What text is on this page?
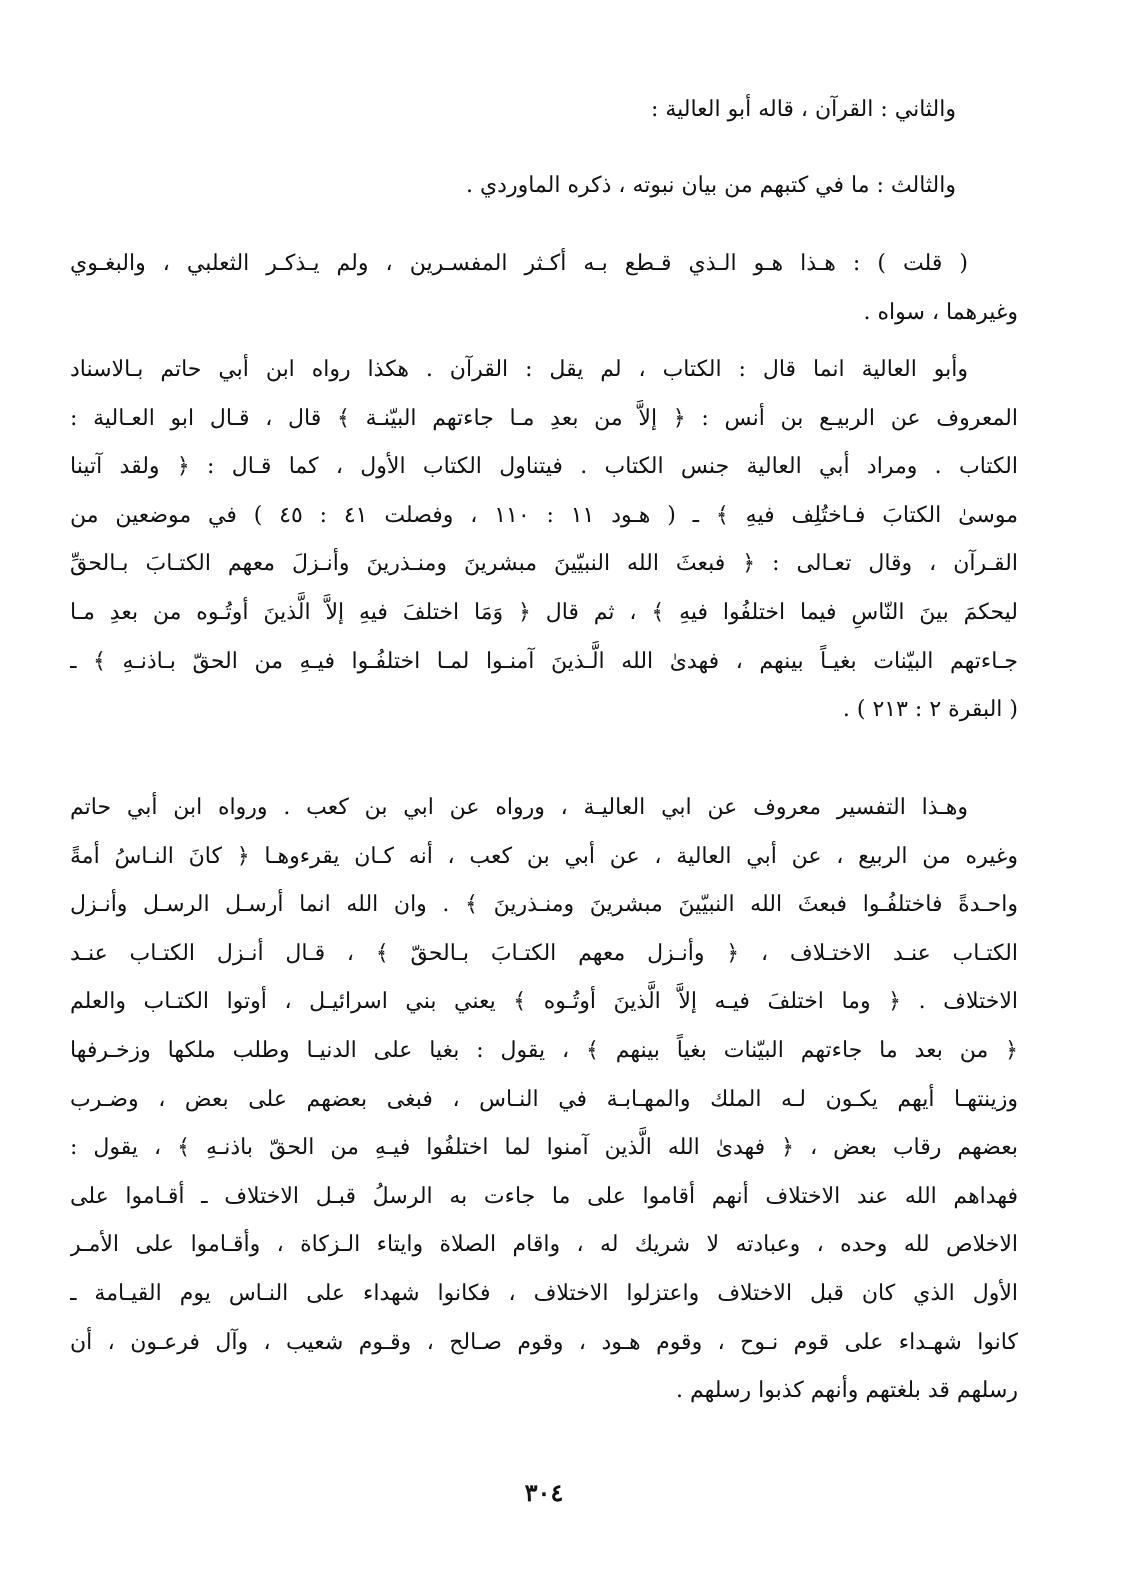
والثاني : القرآن ، قاله أبو العالية :
والثالث : ما في كتبهم من بيان نبوته ، ذكره الماوردي .
( قلت ) : هـذا هـو الـذي قـطع بـه أكـثر المفسـرين ، ولم يـذكـر الثعلبي ، والبغـوي
وغيرهما ، سواه .
وأبو العالية انما قال : الكتاب ، لم يقل : القرآن . هكذا رواه ابن أبي حاتم بـالاسناد
المعروف عن الربيـع بن أنس : ﴿ إلاَّ من بعدِ مـا جاءتهم البيّنـة ﴾ قال ، قـال ابو العـالية :
الكتاب . ومراد أبي العالية جنس الكتاب . فيتناول الكتاب الأول ، كما قـال : ﴿ ولقد آتينا
موسىٰ الكتابَ فـاختُلِف فيهِ ﴾ ـ ( هـود ١١ : ١١٠ ، وفصلت ٤١ : ٤٥ ) في موضعين من
القـرآن ، وقال تعـالى : ﴿ فبعثَ الله النبيّينَ مبشرينَ ومنـذرينَ وأنـزلَ معهم الكتـابَ بـالحقِّ
ليحكمَ بينَ النّاسِ فيما اختلفُوا فيهِ ﴾ ، ثم قال ﴿ وَمَا اختلفَ فيهِ إلاَّ الَّذينَ أوتُـوه من بعدِ مـا
جـاءتهم البيّنات بغيـاً بينهم ، فهدىٰ الله الَّـذينَ آمنـوا لمـا اختلفُـوا فيـهِ من الحقّ بـاذنـهِ ﴾ ـ
( البقرة ٢ : ٢١٣ ) .
وهـذا التفسير معروف عن ابي العاليـة ، ورواه عن ابي بن كعب . ورواه ابن أبي حاتم
وغيره من الربيع ، عن أبي العالية ، عن أبي بن كعب ، أنه كـان يقرءوهـا ﴿ كانَ النـاسُ أمةً
واحـدةً فاختلفُـوا فبعثَ الله النبيّينَ مبشرينَ ومنـذرينَ ﴾ . وان الله انما أرسـل الرسـل وأنـزل
الكتـاب عنـد الاختـلاف ، ﴿ وأنـزل معهم الكتـابَ بـالحقّ ﴾ ، قـال أنـزل الكتـاب عنـد
الاختلاف . ﴿ وما اختلفَ فيـه إلاَّ الَّذينَ أوتُـوه ﴾ يعني بني اسرائيـل ، أوتوا الكتـاب والعلم
﴿ من بعد ما جاءتهم البيّنات بغياً بينهم ﴾ ، يقول : بغيا على الدنيـا وطلب ملكها وزخـرفها
وزينتهـا أيهم يكـون لـه الملك والمهـابـة في النـاس ، فبغى بعضهم على بعض ، وضـرب
بعضهم رقاب بعض ، ﴿ فهدىٰ الله الَّذين آمنوا لما اختلفُوا فيـهِ من الحقّ باذنـهِ ﴾ ، يقول :
فهداهم الله عند الاختلاف أنهم أقاموا على ما جاءت به الرسلُ قبـل الاختلاف ـ أقـاموا على
الاخلاص لله وحده ، وعبادته لا شريك له ، واقام الصلاة وايتاء الـزكاة ، وأقـاموا على الأمـر
الأول الذي كان قبل الاختلاف واعتزلوا الاختلاف ، فكانوا شهداء على النـاس يوم القيـامة ـ
كانوا شهـداء على قوم نـوح ، وقوم هـود ، وقوم صـالح ، وقـوم شعيب ، وآل فرعـون ، أن
رسلهم قد بلغتهم وأنهم كذبوا رسلهم .
٣٠٤
